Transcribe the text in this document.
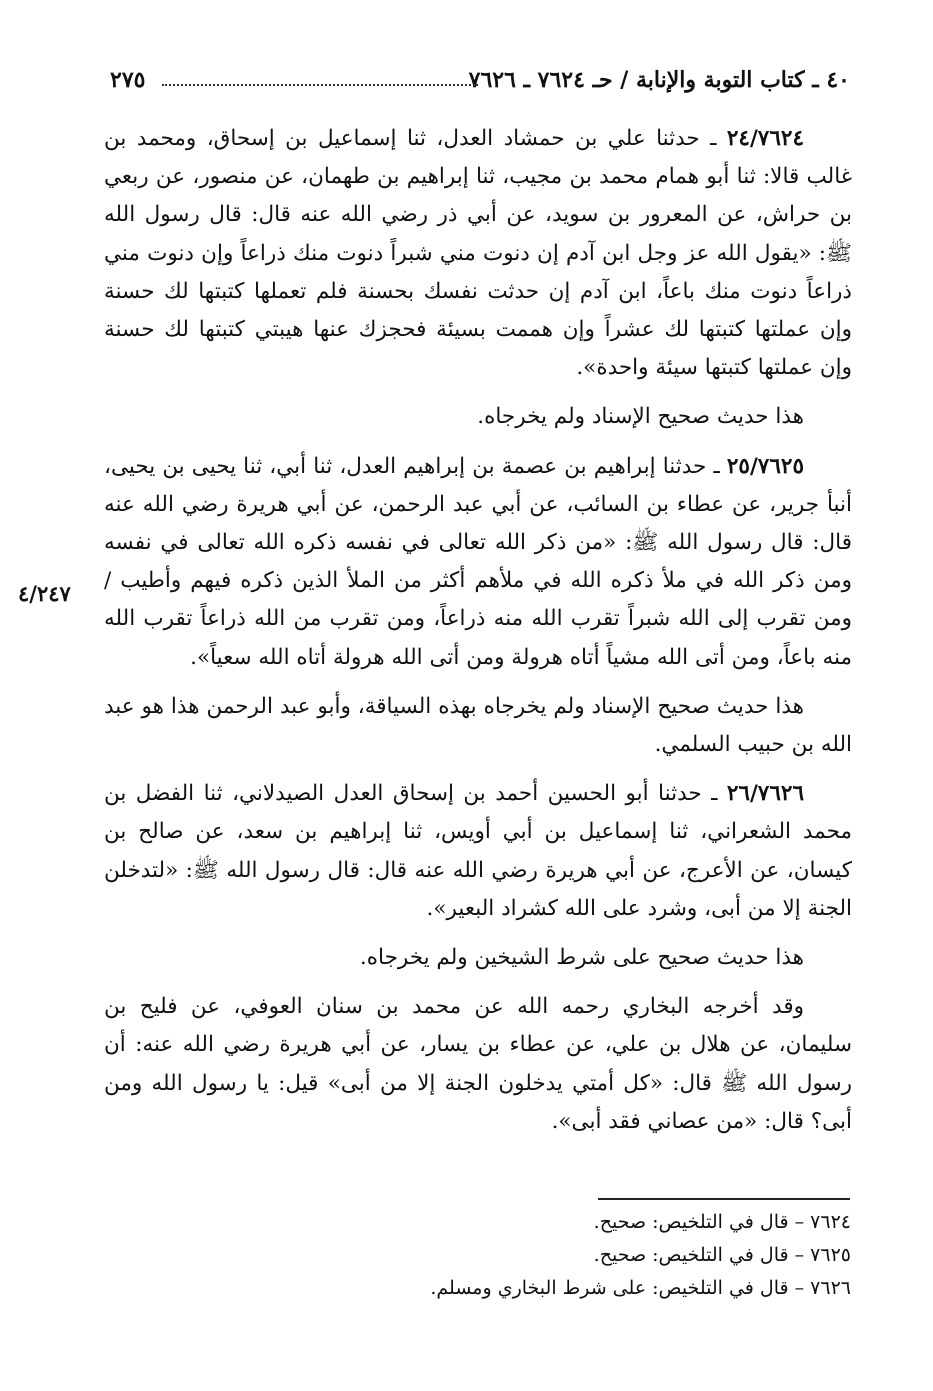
٤٠ ـ كتاب التوبة والإنابة / حـ ٧٦٢٤ ـ ٧٦٢٦
٢٧٥
٤/٢٤٧

٢٤/٧٦٢٤ ـ حدثنا علي بن حمشاد العدل، ثنا إسماعيل بن إسحاق، ومحمد بن غالب قالا: ثنا أبو همام محمد بن مجيب، ثنا إبراهيم بن طهمان، عن منصور، عن ربعي بن حراش، عن المعرور بن سويد، عن أبي ذر رضي الله عنه قال: قال رسول الله ﷺ: «يقول الله عز وجل ابن آدم إن دنوت مني شبراً دنوت منك ذراعاً وإن دنوت مني ذراعاً دنوت منك باعاً، ابن آدم إن حدثت نفسك بحسنة فلم تعملها كتبتها لك حسنة وإن عملتها كتبتها لك عشراً وإن هممت بسيئة فحجزك عنها هيبتي كتبتها لك حسنة وإن عملتها كتبتها سيئة واحدة».

هذا حديث صحيح الإسناد ولم يخرجاه.

٢٥/٧٦٢٥ ـ حدثنا إبراهيم بن عصمة بن إبراهيم العدل، ثنا أبي، ثنا يحيى بن يحيى، أنبأ جرير، عن عطاء بن السائب، عن أبي عبد الرحمن، عن أبي هريرة رضي الله عنه قال: قال رسول الله ﷺ: «من ذكر الله تعالى في نفسه ذكره الله تعالى في نفسه ومن ذكر الله في ملأ ذكره الله في ملأهم أكثر من الملأ الذين ذكره فيهم وأطيب / ومن تقرب إلى الله شبراً تقرب الله منه ذراعاً، ومن تقرب من الله ذراعاً تقرب الله منه باعاً، ومن أتى الله مشياً أتاه هرولة ومن أتى الله هرولة أتاه الله سعياً».

هذا حديث صحيح الإسناد ولم يخرجاه بهذه السياقة، وأبو عبد الرحمن هذا هو عبد الله بن حبيب السلمي.

٢٦/٧٦٢٦ ـ حدثنا أبو الحسين أحمد بن إسحاق العدل الصيدلاني، ثنا الفضل بن محمد الشعراني، ثنا إسماعيل بن أبي أويس، ثنا إبراهيم بن سعد، عن صالح بن كيسان، عن الأعرج، عن أبي هريرة رضي الله عنه قال: قال رسول الله ﷺ: «لتدخلن الجنة إلا من أبى، وشرد على الله كشراد البعير».

هذا حديث صحيح على شرط الشيخين ولم يخرجاه.

وقد أخرجه البخاري رحمه الله عن محمد بن سنان العوفي، عن فليح بن سليمان، عن هلال بن علي، عن عطاء بن يسار، عن أبي هريرة رضي الله عنه: أن رسول الله ﷺ قال: «كل أمتي يدخلون الجنة إلا من أبى» قيل: يا رسول الله ومن أبى؟ قال: «من عصاني فقد أبى».

٧٦٢٤ – قال في التلخيص: صحيح.
٧٦٢٥ – قال في التلخيص: صحيح.
٧٦٢٦ – قال في التلخيص: على شرط البخاري ومسلم.
